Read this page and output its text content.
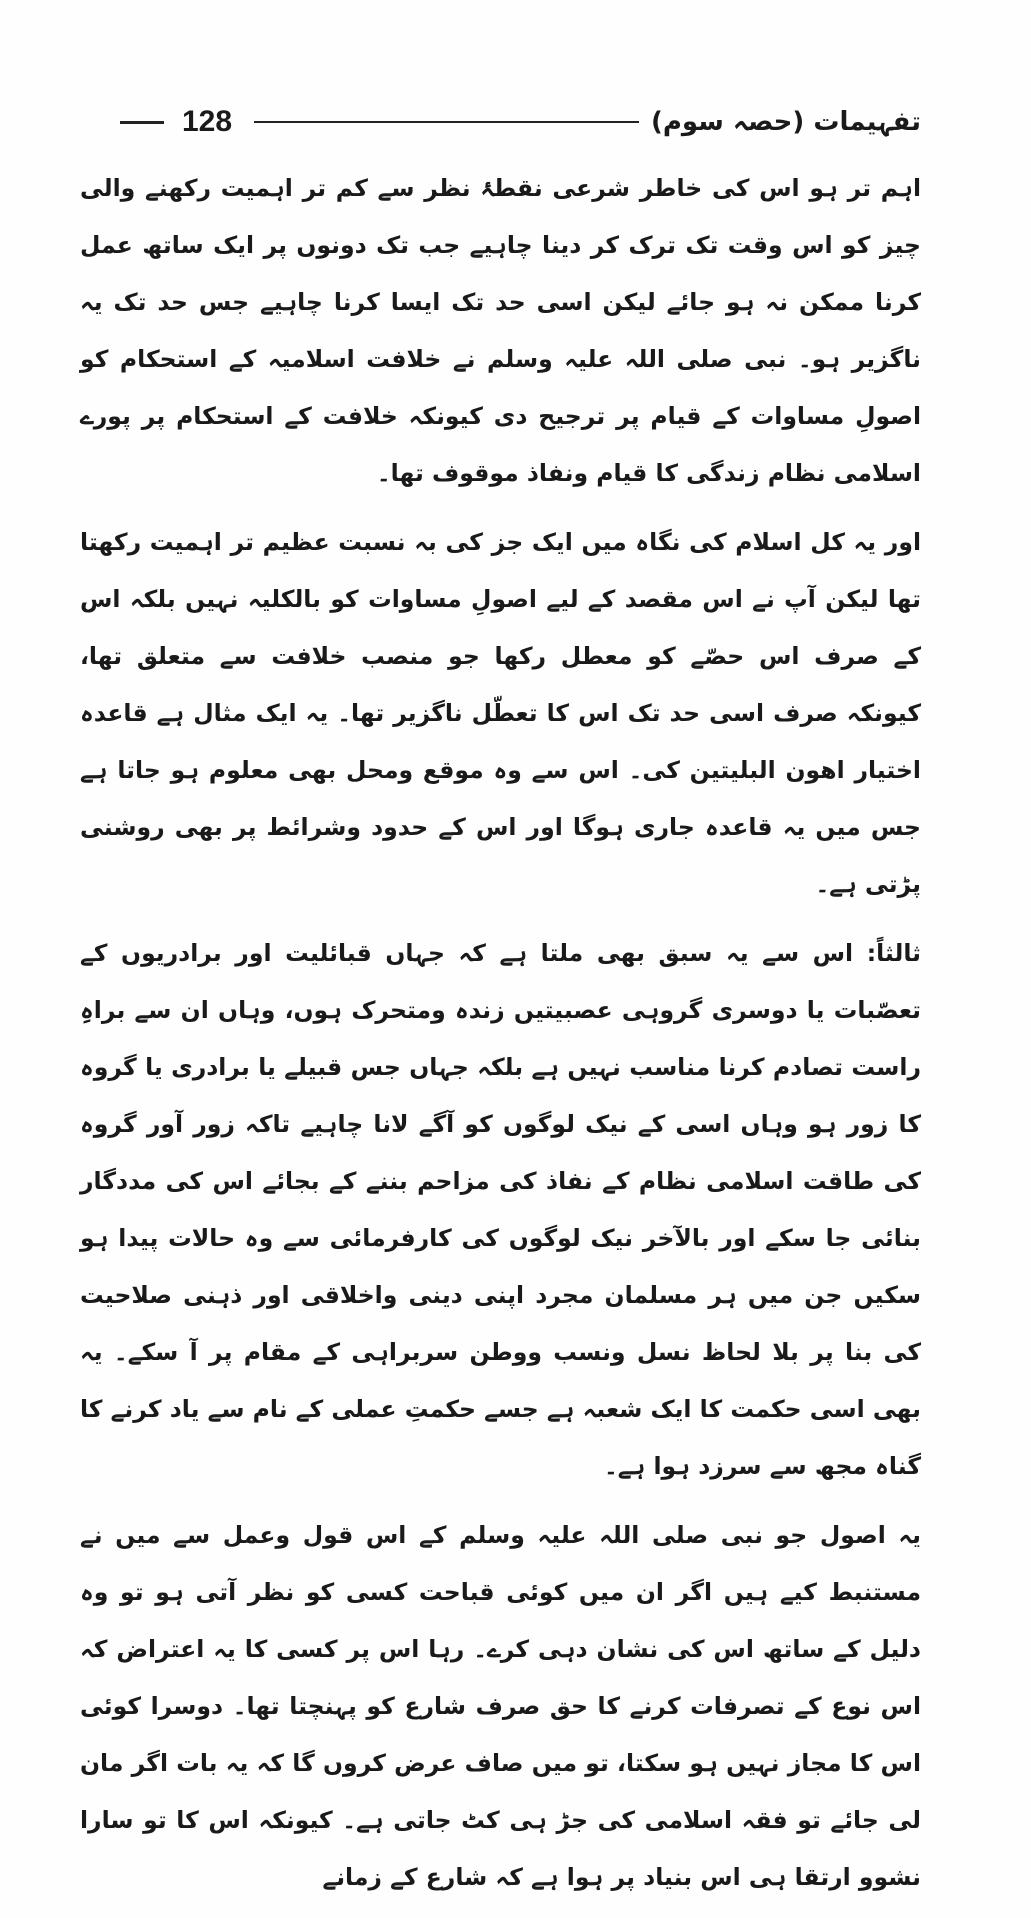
128	تفہیمات (حصہ سوم)

اہم تر ہو اس کی خاطر شرعی نقطۂ نظر سے کم تر اہمیت رکھنے والی چیز کو اس وقت تک ترک کر دینا چاہیے جب تک دونوں پر ایک ساتھ عمل کرنا ممکن نہ ہو جائے لیکن اسی حد تک ایسا کرنا چاہیے جس حد تک یہ ناگزیر ہو۔ نبی صلی اللہ علیہ وسلم نے خلافت اسلامیہ کے استحکام کو اصولِ مساوات کے قیام پر ترجیح دی کیونکہ خلافت کے استحکام پر پورے اسلامی نظام زندگی کا قیام ونفاذ موقوف تھا۔

اور یہ کل اسلام کی نگاہ میں ایک جز کی بہ نسبت عظیم تر اہمیت رکھتا تھا لیکن آپ نے اس مقصد کے لیے اصولِ مساوات کو بالکلیہ نہیں بلکہ اس کے صرف اس حصّے کو معطل رکھا جو منصب خلافت سے متعلق تھا، کیونکہ صرف اسی حد تک اس کا تعطّل ناگزیر تھا۔ یہ ایک مثال ہے قاعدہ اختیار اھون البلیتین کی۔ اس سے وہ موقع ومحل بھی معلوم ہو جاتا ہے جس میں یہ قاعدہ جاری ہوگا اور اس کے حدود وشرائط پر بھی روشنی پڑتی ہے۔

ثالثاً: اس سے یہ سبق بھی ملتا ہے کہ جہاں قبائلیت اور برادریوں کے تعصّبات یا دوسری گروہی عصبیتیں زندہ ومتحرک ہوں، وہاں ان سے براہِ راست تصادم کرنا مناسب نہیں ہے بلکہ جہاں جس قبیلے یا برادری یا گروہ کا زور ہو وہاں اسی کے نیک لوگوں کو آگے لانا چاہیے تاکہ زور آور گروہ کی طاقت اسلامی نظام کے نفاذ کی مزاحم بننے کے بجائے اس کی مددگار بنائی جا سکے اور بالآخر نیک لوگوں کی کارفرمائی سے وہ حالات پیدا ہو سکیں جن میں ہر مسلمان مجرد اپنی دینی واخلاقی اور ذہنی صلاحیت کی بنا پر بلا لحاظ نسل ونسب ووطن سربراہی کے مقام پر آ سکے۔ یہ بھی اسی حکمت کا ایک شعبہ ہے جسے حکمتِ عملی کے نام سے یاد کرنے کا گناہ مجھ سے سرزد ہوا ہے۔

یہ اصول جو نبی صلی اللہ علیہ وسلم کے اس قول وعمل سے میں نے مستنبط کیے ہیں اگر ان میں کوئی قباحت کسی کو نظر آتی ہو تو وہ دلیل کے ساتھ اس کی نشان دہی کرے۔ رہا اس پر کسی کا یہ اعتراض کہ اس نوع کے تصرفات کرنے کا حق صرف شارع کو پہنچتا تھا۔ دوسرا کوئی اس کا مجاز نہیں ہو سکتا، تو میں صاف عرض کروں گا کہ یہ بات اگر مان لی جائے تو فقہ اسلامی کی جڑ ہی کٹ جاتی ہے۔ کیونکہ اس کا تو سارا نشوو ارتقا ہی اس بنیاد پر ہوا ہے کہ شارع کے زمانے
